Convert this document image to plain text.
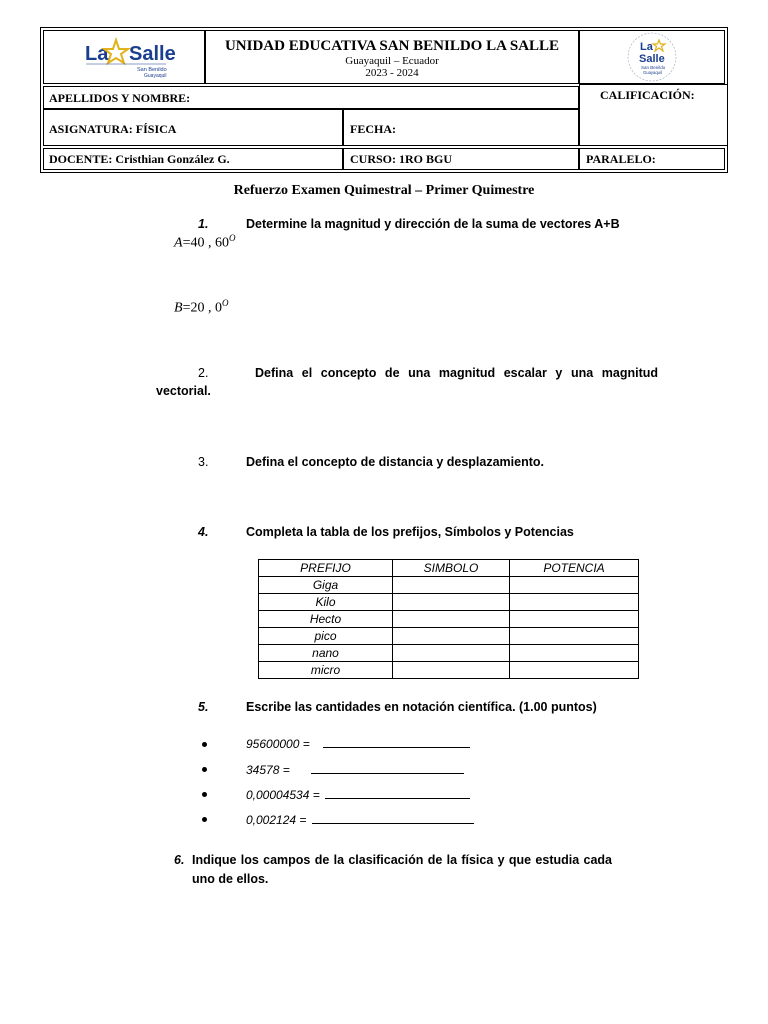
La Salle
San Benildo
Guayaquil
UNIDAD EDUCATIVA SAN BENILDO LA SALLE
Guayaquil – Ecuador
2023 - 2024
La
Salle
San Benildo
Guayaquil
APELLIDOS Y NOMBRE:	CALIFICACIÓN:
ASIGNATURA: FÍSICA	FECHA:
DOCENTE: Cristhian González G.	CURSO: 1RO BGU	PARALELO:
Refuerzo Examen Quimestral – Primer Quimestre
1.	Determine la magnitud y dirección de la suma de vectores A+B
A=40 , $60^O$
B=20 , $0^O$
2.	Defina el concepto de una magnitud escalar y una magnitud
vectorial.
3.	Defina el concepto de distancia y desplazamiento.
4.	Completa la tabla de los prefijos, Símbolos y Potencias
PREFIJO	SIMBOLO	POTENCIA
Giga		
Kilo		
Hecto		
pico		
nano		
micro		
5.	Escribe las cantidades en notación científica. (1.00 puntos)
95600000 =
34578 =
0,00004534 =
0,002124 =
6. Indique los campos de la clasificación de la física y que estudia cada
uno de ellos.
